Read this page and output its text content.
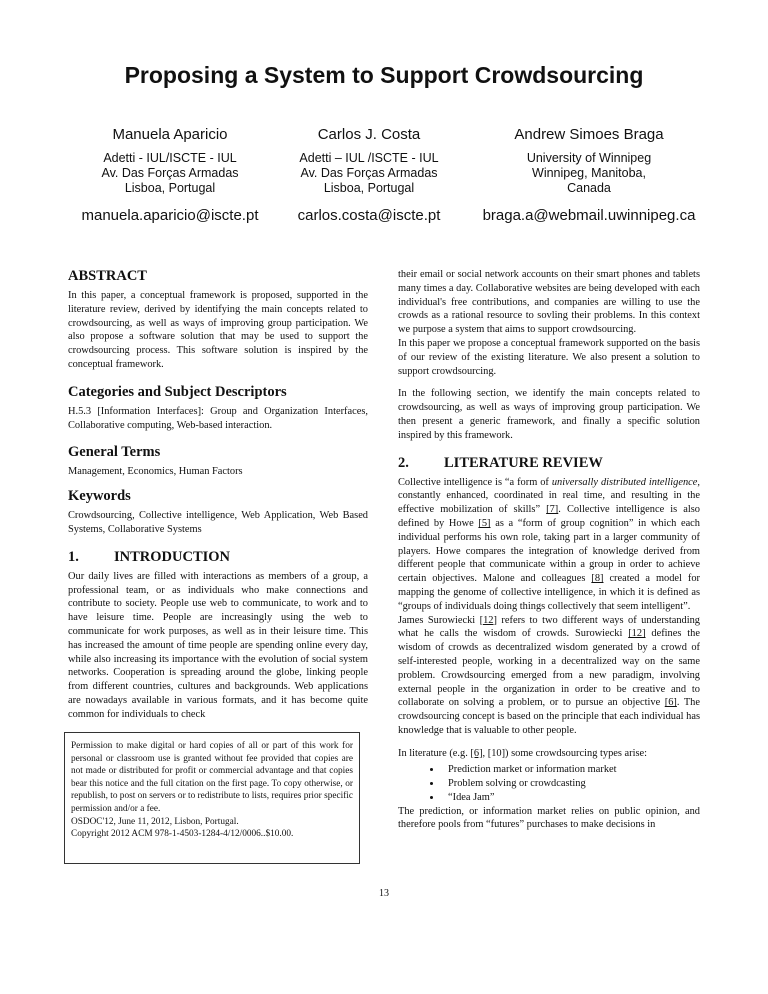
Proposing a System to Support Crowdsourcing
Manuela Aparicio
Adetti - IUL/ISCTE - IUL
Av. Das Forças Armadas
Lisboa, Portugal
manuela.aparicio@iscte.pt
Carlos J. Costa
Adetti – IUL /ISCTE - IUL
Av. Das Forças Armadas
Lisboa, Portugal
carlos.costa@iscte.pt
Andrew Simoes Braga
University of Winnipeg
Winnipeg, Manitoba,
Canada
braga.a@webmail.uwinnipeg.ca
ABSTRACT

In this paper, a conceptual framework is proposed, supported in the literature review, derived by identifying the main concepts related to crowdsourcing, as well as ways of improving group participation. We also propose a software solution that may be used to support the crowdsourcing process. This software solution is inspired by the conceptual framework.

Categories and Subject Descriptors

H.5.3 [Information Interfaces]: Group and Organization Interfaces, Collaborative computing, Web-based interaction.

General Terms

Management, Economics, Human Factors

Keywords

Crowdsourcing, Collective intelligence, Web Application, Web Based Systems, Collaborative Systems

1. INTRODUCTION

Our daily lives are filled with interactions as members of a group, a professional team, or as individuals who make connections and contribute to society. People use web to communicate, to work and to have leisure time. People are increasingly using the web to communicate for work purposes, as well as in their leisure time. This has increased the amount of time people are spending online every day, while also increasing its importance with the evolution of social system networks. Cooperation is spreading around the globe, linking people from different countries, cultures and backgrounds. Web applications are nowadays available in various formats, and it has become quite common for individuals to check

Permission to make digital or hard copies of all or part of this work for personal or classroom use is granted without fee provided that copies are not made or distributed for profit or commercial advantage and that copies bear this notice and the full citation on the first page. To copy otherwise, or republish, to post on servers or to redistribute to lists, requires prior specific permission and/or a fee.
OSDOC'12, June 11, 2012, Lisbon, Portugal.
Copyright 2012 ACM 978-1-4503-1284-4/12/0006..$10.00.

their email or social network accounts on their smart phones and tablets many times a day. Collaborative websites are being developed with each individual's free contributions, and companies are willing to use the crowds as a rational resource to sovling their problems. In this context we purpose a system that aims to support crowdsourcing.

In this paper we propose a conceptual framework supported on the basis of our review of the existing literature. We also present a solution to support crowdsourcing.

In the following section, we identify the main concepts related to crowdsourcing, as well as ways of improving group participation. We then present a generic framework, and finally a specific solution inspired by this framework.

2. LITERATURE REVIEW

Collective intelligence is “a form of universally distributed intelligence, constantly enhanced, coordinated in real time, and resulting in the effective mobilization of skills” [7]. Collective intelligence is also defined by Howe [5] as a “form of group cognition” in which each individual performs his own role, taking part in a larger community of players. Howe compares the integration of knowledge derived from different people that communicate within a group in order to achieve certain objectives. Malone and colleagues [8] created a model for mapping the genome of collective intelligence, in which it is defined as “groups of individuals doing things collectively that seem intelligent”.

James Surowiecki [12] refers to two different ways of understanding what he calls the wisdom of crowds. Surowiecki [12] defines the wisdom of crowds as decentralized wisdom generated by a crowd of self-interested people, working in a decentralized way on the same problem. Crowdsourcing emerged from a new paradigm, involving external people in the organization in order to be creative and to collaborate on solving a problem, or to pursue an objective [6]. The crowdsourcing concept is based on the principle that each individual has knowledge that is valuable to other people.

In literature (e.g. [6], [10]) some crowdsourcing types arise:

• Prediction market or information market
• Problem solving or crowdcasting
• “Idea Jam”

The prediction, or information market relies on public opinion, and therefore pools from “futures” purchases to make decisions in

13
